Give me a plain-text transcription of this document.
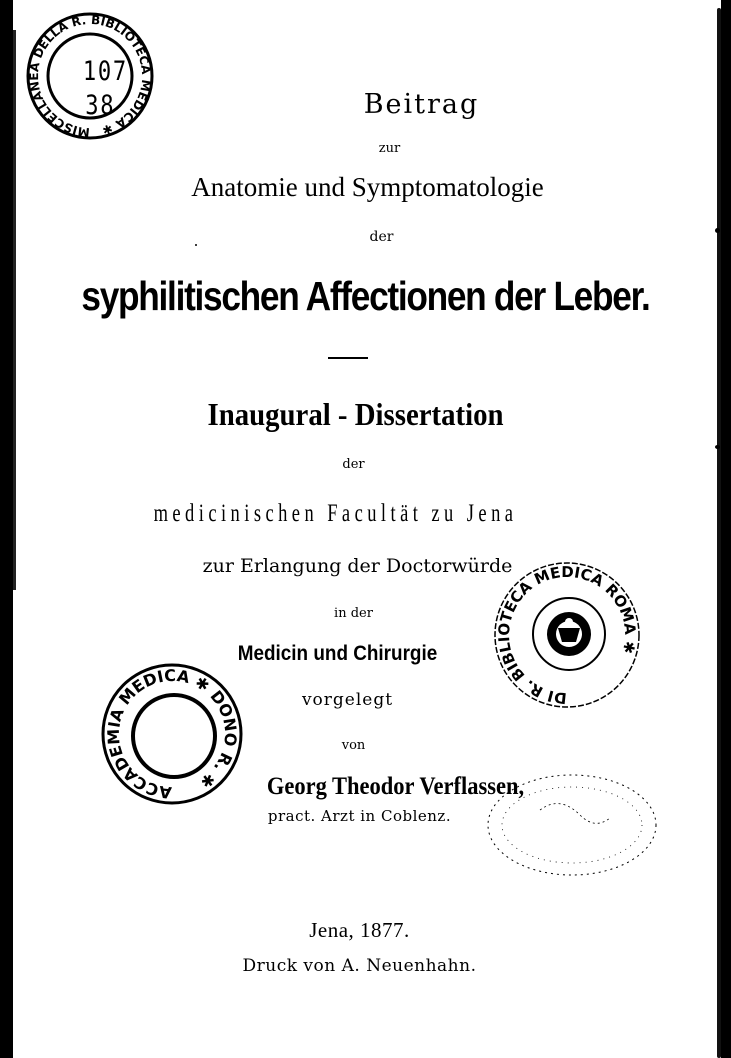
Beitrag

zur

Anatomie und Symptomatologie

der

syphilitischen Affectionen der Leber.

Inaugural - Dissertation

der

medicinischen Facultät zu Jena

zur Erlangung der Doctorwürde

in der

Medicin und Chirurgie

vorgelegt

von

Georg Theodor Verflassen,

pract. Arzt in Coblenz.

Jena, 1877.

Druck von A. Neuenhahn.

MISCELLANEA DELLA R. BIBLIOTECA MEDICA ✱
107
38
DI R. BIBLIOTECA MEDICA ROMA ✱
ACCADEMIA MEDICA ✱ DONO R. ✱
